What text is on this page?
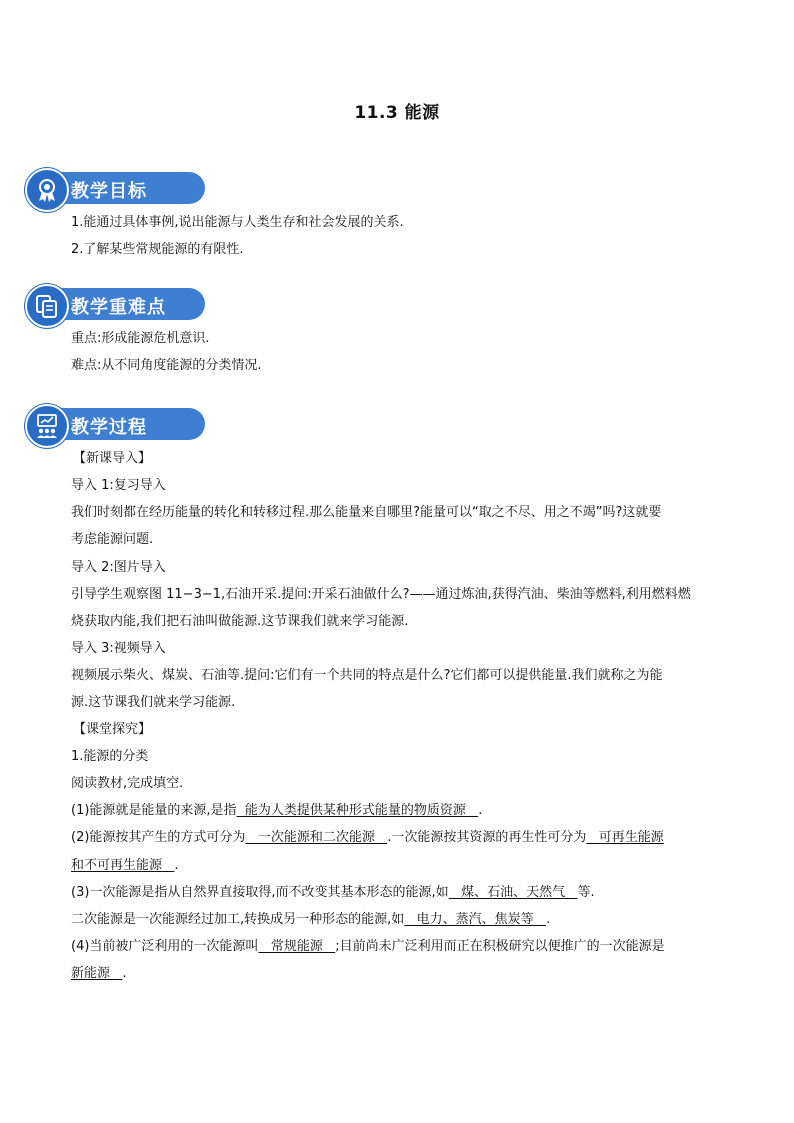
11.3 能源
教学目标
1.能通过具体事例,说出能源与人类生存和社会发展的关系.
2.了解某些常规能源的有限性.
教学重难点
重点:形成能源危机意识.
难点:从不同角度能源的分类情况.
教学过程
【新课导入】
导入 1:复习导入
我们时刻都在经历能量的转化和转移过程.那么能量来自哪里?能量可以“取之不尽、用之不竭”吗?这就要
考虑能源问题.
导入 2:图片导入
引导学生观察图 11−3−1,石油开采.提问:开采石油做什么?——通过炼油,获得汽油、柴油等燃料,利用燃料燃
烧获取内能,我们把石油叫做能源.这节课我们就来学习能源.
导入 3:视频导入
视频展示柴火、煤炭、石油等.提问:它们有一个共同的特点是什么?它们都可以提供能量.我们就称之为能
源.这节课我们就来学习能源.
【课堂探究】
1.能源的分类
阅读教材,完成填空.
(1)能源就是能量的来源,是指  能为人类提供某种形式能量的物质资源   .
(2)能源按其产生的方式可分为   一次能源和二次能源   .一次能源按其资源的再生性可分为   可再生能源
和不可再生能源   .
(3)一次能源是指从自然界直接取得,而不改变其基本形态的能源,如   煤、石油、天然气   等.
二次能源是一次能源经过加工,转换成另一种形态的能源,如   电力、蒸汽、焦炭等   .
(4)当前被广泛利用的一次能源叫   常规能源   ;目前尚未广泛利用而正在积极研究以便推广的一次能源是
新能源   .
